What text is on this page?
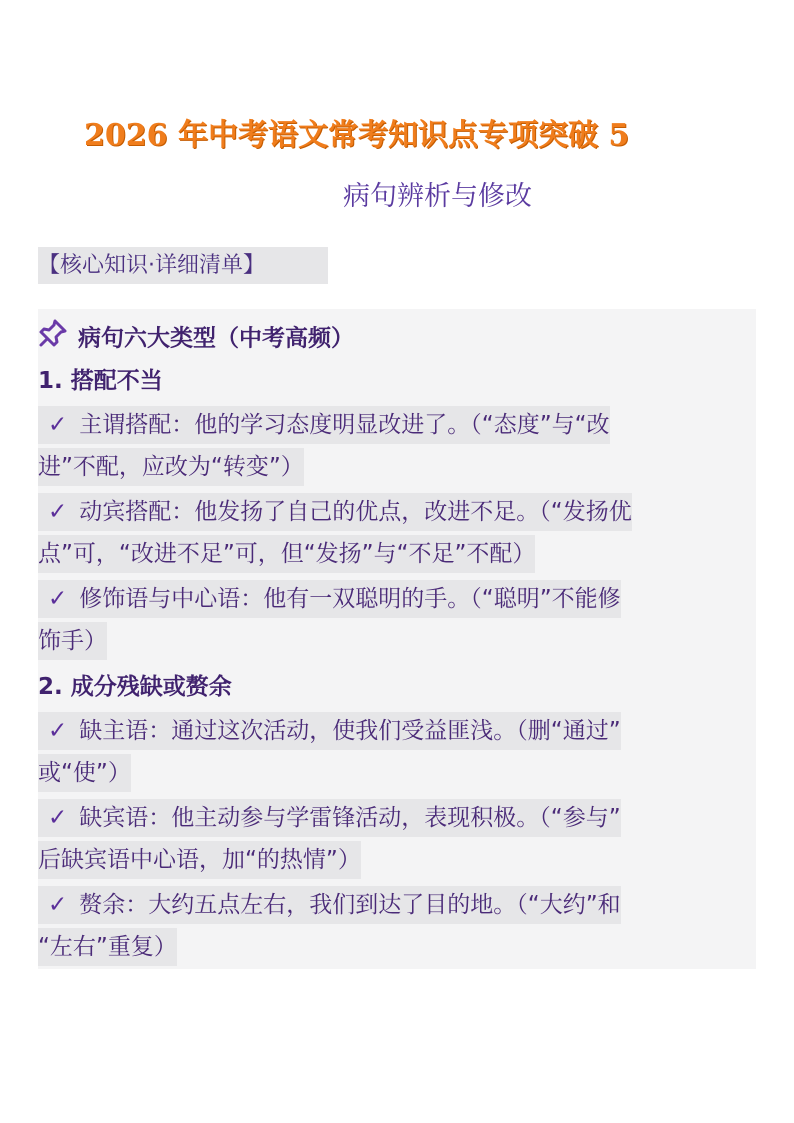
2026 年中考语文常考知识点专项突破 5
病句辨析与修改
【核心知识·详细清单】
病句六大类型（中考高频）
1. 搭配不当
✓ 主谓搭配：他的学习态度明显改进了。（“态度”与“改
进”不配，应改为“转变”）
✓ 动宾搭配：他发扬了自己的优点，改进不足。（“发扬优
点”可，“改进不足”可，但“发扬”与“不足”不配）
✓ 修饰语与中心语：他有一双聪明的手。（“聪明”不能修
饰手）
2. 成分残缺或赘余
✓ 缺主语：通过这次活动，使我们受益匪浅。（删“通过”
或“使”）
✓ 缺宾语：他主动参与学雷锋活动，表现积极。（“参与”
后缺宾语中心语，加“的热情”）
✓ 赘余：大约五点左右，我们到达了目的地。（“大约”和
“左右”重复）
